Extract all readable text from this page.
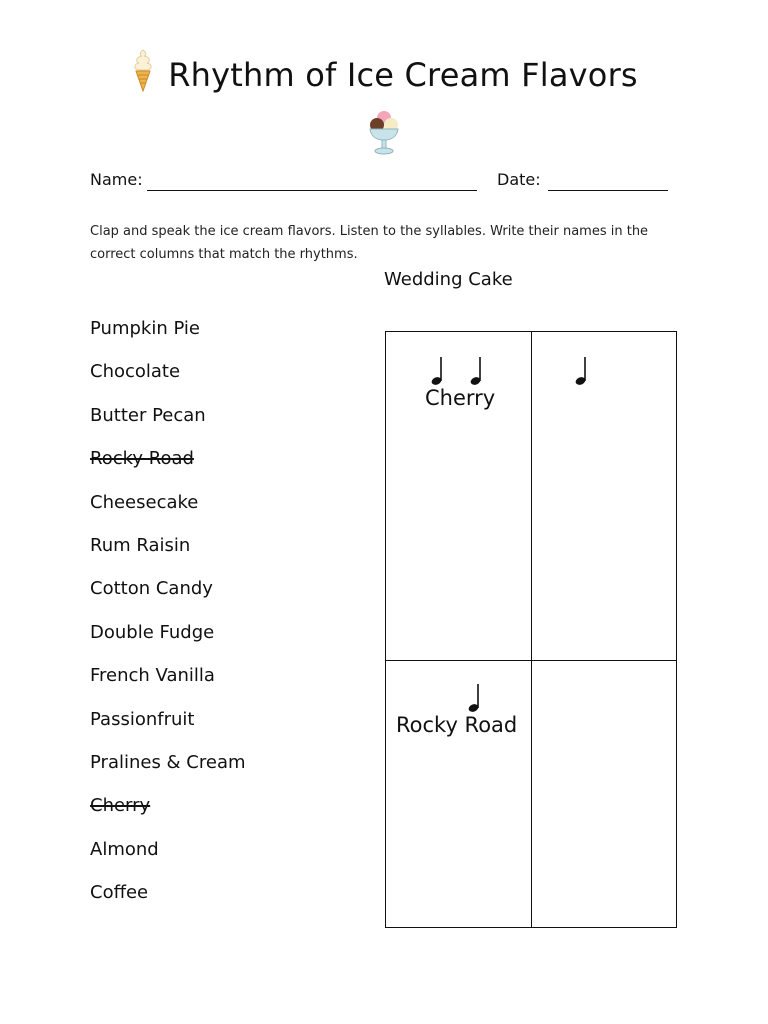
Rhythm of Ice Cream Flavors
Name:	Date:
Clap and speak the ice cream flavors. Listen to the syllables. Write their names in the correct columns that match the rhythms.
Wedding Cake
Pumpkin Pie
Chocolate
Butter Pecan
Rocky Road
Cheesecake
Rum Raisin
Cotton Candy
Double Fudge
French Vanilla
Passionfruit
Pralines & Cream
Cherry
Almond
Coffee
Cherry
Rocky Road
